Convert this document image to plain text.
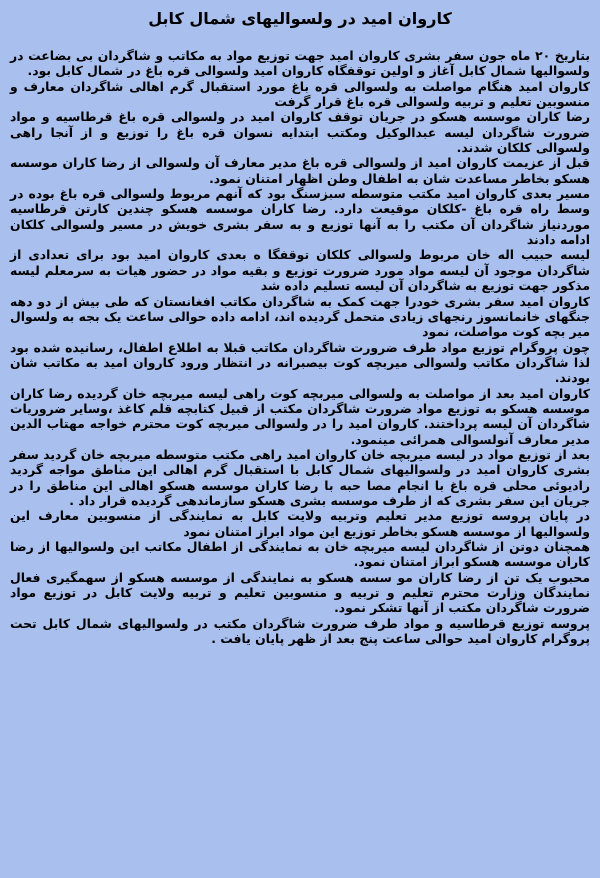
کاروان امید در ولسوالیهای شمال کابل

بتاریخ ۲۰ ماه جون سفر بشری کاروان امید جهت توزیع مواد به مکاتب و شاگردان بی بضاعت در ولسوالیها شمال کابل آغاز و اولین توقفگاه کاروان امید ولسوالی قره باغ در شمال کابل بود.

کاروان امید هنگام مواصلت به ولسوالی قره باغ مورد استقبال گرم اهالی شاگردان معارف و منسوبین تعلیم و تربیه ولسوالی قره باغ قرار گرفت

رضا کاران موسسه هسکو در جریان توقف کاروان امید در ولسوالی قره باغ قرطاسیه و مواد ضرورت شاگردان لیسه عبدالوکیل ومکتب ابتدایه نسوان قره باغ را توزیع و از آنجا راهی ولسوالی کلکان شدند.

قبل از عزیمت کاروان امید از ولسوالی قره باغ مدیر معارف آن ولسوالی از رضا کاران موسسه هسکو بخاطر مساعدت شان به اطفال وطن اظهار امتنان نمود.

مسیر بعدی کاروان امید مکتب متوسطه سبزسنگ بود که آنهم مربوط ولسوالی قره باغ بوده در وسط راه قره باغ -کلکان موقیعت دارد. رضا کاران موسسه هسکو چندین کارتن قرطاسیه موردنیاز شاگردان آن مکتب را به آنها توزیع و به سفر بشری خویش در مسیر ولسوالی کلکان ادامه دادند

لیسه حبیب اله خان مربوط ولسوالی کلکان توقفگا ه بعدی کاروان امید بود برای تعدادی از شاگردان موجود آن لیسه مواد مورد ضرورت توزیع و بقیه مواد در حضور هیات به سرمعلم لیسه مذکور جهت توزیع به شاگردان آن لیسه تسلیم داده شد

کاروان امید سفر بشری خودرا جهت کمک به شاگردان مکاتب افغانستان که طی بیش از دو دهه جنگهای خانمانسوز رنجهای زیادی متحمل گردیده اند، ادامه داده حوالی ساعت یک بجه به ولسوال میر بچه کوت مواصلت، نمود

چون پروگرام توزیع مواد طرف ضرورت شاگردان مکاتب قبلا به اطلاع اطفال، رسانیده شده بود لذا شاگردان مکاتب ولسوالی میربچه کوت بیصبرانه در انتظار ورود کاروان امید به مکاتب شان بودند.

کاروان امید بعد از مواصلت به ولسوالی میربچه کوت راهی لیسه میربچه خان گردیده رضا کاران موسسه هسکو به توزیع مواد ضرورت شاگردان مکتب از قبیل کتابچه قلم کاغذ ،وسایر ضروریات شاگردان آن لیسه پرداختند. کاروان امید را در ولسوالی میربچه کوت محترم خواجه مهتاب الدین مدیر معارف آنولسوالی همرائی مینمود.

بعد از توزیع مواد در لیسه میربچه خان کاروان امید راهی مکتب متوسطه میربچه خان گردید سفر بشری کاروان امید در ولسوالیهای شمال کابل با استقبال گرم اهالی این مناطق مواجه گردید رادیوئی محلی قره باغ با انجام مصا حبه با رضا کاران موسسه هسکو اهالی این مناطق را در جریان این سفر بشری که از طرف موسسه بشری هسکو سازماندهی گردیده قرار داد .

در پایان پروسه توزیع مدیر تعلیم وتربیه ولایت کابل به نمایندگی از منسوبین معارف این ولسوالیها از موسسه هسکو بخاطر توزیع این مواد ابراز امتنان نمود

همچنان دوتن از شاگردان لیسه میربچه خان به نمایندگی از اطفال مکاتب این ولسوالیها از رضا کاران موسسه هسکو ابراز امتنان نمود.

محبوب یک تن از رضا کاران مو سسه هسکو به نمایندگی از موسسه هسکو از سهمگیری فعال نمایندگان وزارت محترم تعلیم و تربیه و منسوبین تعلیم و تربیه ولایت کابل در توزیع مواد ضرورت شاگردان مکتب از آنها تشکر نمود.

پروسه توزیع قرطاسیه و مواد طرف ضرورت شاگردان مکتب در ولسوالیهای شمال کابل تحت پروگرام کاروان امید حوالی ساعت پنج بعد از ظهر پایان یافت .
